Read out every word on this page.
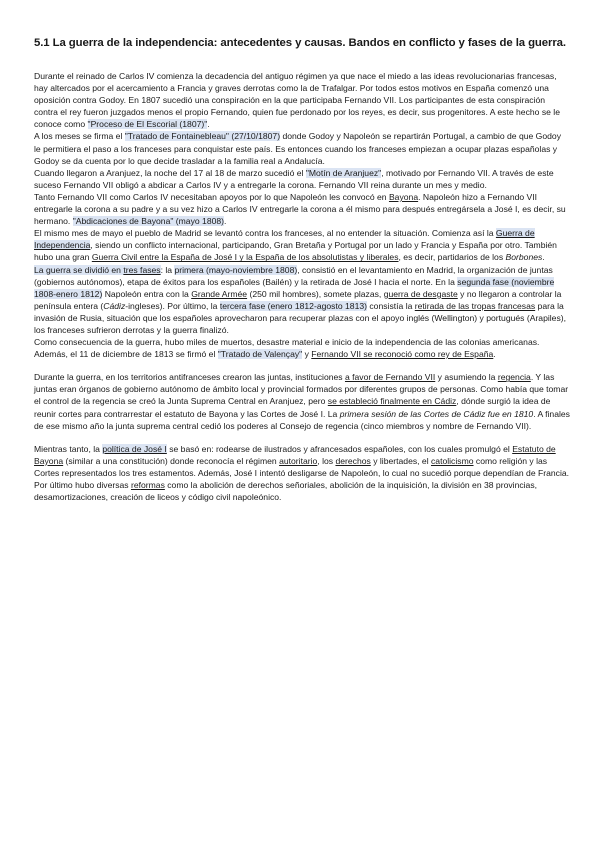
5.1 La guerra de la independencia: antecedentes y causas. Bandos en conflicto y fases de la guerra.

Durante el reinado de Carlos IV comienza la decadencia del antiguo régimen ya que nace el miedo a las ideas revolucionarias francesas, hay altercados por el acercamiento a Francia y graves derrotas como la de Trafalgar. Por todos estos motivos en España comenzó una oposición contra Godoy. En 1807 sucedió una conspiración en la que participaba Fernando VII. Los participantes de esta conspiración contra el rey fueron juzgados menos el propio Fernando, quien fue perdonado por los reyes, es decir, sus progenitores. A este hecho se le conoce como "Proceso de El Escorial (1807)".

A los meses se firma el "Tratado de Fontainebleau" (27/10/1807) donde Godoy y Napoleón se repartirán Portugal, a cambio de que Godoy le permitiera el paso a los franceses para conquistar este país. Es entonces cuando los franceses empiezan a ocupar plazas españolas y Godoy se da cuenta por lo que decide trasladar a la familia real a Andalucía.

Cuando llegaron a Aranjuez, la noche del 17 al 18 de marzo sucedió el "Motín de Aranjuez", motivado por Fernando VII. A través de este suceso Fernando VII obligó a abdicar a Carlos IV y a entregarle la corona. Fernando VII reina durante un mes y medio.

Tanto Fernando VII como Carlos IV necesitaban apoyos por lo que Napoleón les convocó en Bayona. Napoleón hizo a Fernando VII entregarle la corona a su padre y a su vez hizo a Carlos IV entregarle la corona a él mismo para después entregársela a José I, es decir, su hermano. "Abdicaciones de Bayona" (mayo 1808).

El mismo mes de mayo el pueblo de Madrid se levantó contra los franceses, al no entender la situación. Comienza así la Guerra de Independencia, siendo un conflicto internacional, participando, Gran Bretaña y Portugal por un lado y Francia y España por otro. También hubo una gran Guerra Civil entre la España de José I y la España de los absolutistas y liberales, es decir, partidarios de los Borbones.

La guerra se dividió en tres fases: la primera (mayo-noviembre 1808), consistió en el levantamiento en Madrid, la organización de juntas (gobiernos autónomos), etapa de éxitos para los españoles (Bailén) y la retirada de José I hacia el norte. En la segunda fase (noviembre 1808-enero 1812) Napoleón entra con la Grande Armée (250 mil hombres), somete plazas, guerra de desgaste y no llegaron a controlar la península entera (Cádiz-ingleses). Por último, la tercera fase (enero 1812-agosto 1813) consistía la retirada de las tropas francesas para la invasión de Rusia, situación que los españoles aprovecharon para recuperar plazas con el apoyo inglés (Wellington) y portugués (Arapiles), los franceses sufrieron derrotas y la guerra finalizó.

Como consecuencia de la guerra, hubo miles de muertos, desastre material e inicio de la independencia de las colonias americanas. Además, el 11 de diciembre de 1813 se firmó el "Tratado de Valençay" y Fernando VII se reconoció como rey de España.

Durante la guerra, en los territorios antifranceses crearon las juntas, instituciones a favor de Fernando VII y asumiendo la regencia. Y las juntas eran órganos de gobierno autónomo de ámbito local y provincial formados por diferentes grupos de personas. Como había que tomar el control de la regencia se creó la Junta Suprema Central en Aranjuez, pero se estableció finalmente en Cádiz, dónde surgió la idea de reunir cortes para contrarrestar el estatuto de Bayona y las Cortes de José I. La primera sesión de las Cortes de Cádiz fue en 1810. A finales de ese mismo año la junta suprema central cedió los poderes al Consejo de regencia (cinco miembros y nombre de Fernando VII).

Mientras tanto, la política de José I se basó en: rodearse de ilustrados y afrancesados españoles, con los cuales promulgó el Estatuto de Bayona (similar a una constitución) donde reconocía el régimen autoritario, los derechos y libertades, el catolicismo como religión y las Cortes representados los tres estamentos. Además, José I intentó desligarse de Napoleón, lo cual no sucedió porque dependían de Francia. Por último hubo diversas reformas como la abolición de derechos señoriales, abolición de la inquisición, la división en 38 provincias, desamortizaciones, creación de liceos y código civil napoleónico.
